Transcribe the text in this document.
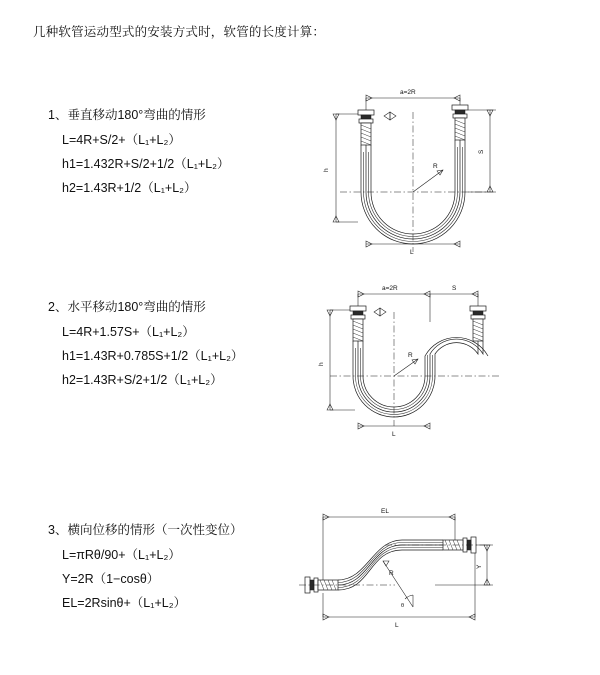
几种软管运动型式的安装方式时，软管的长度计算：
1、垂直移动180°弯曲的情形
L=4R+S/2+（L₁+L₂）
h1=1.432R+S/2+1/2（L₁+L₂）
h2=1.43R+1/2（L₁+L₂）
a=2R
R
L
h
S
2、水平移动180°弯曲的情形
L=4R+1.57S+（L₁+L₂）
h1=1.43R+0.785S+1/2（L₁+L₂）
h2=1.43R+S/2+1/2（L₁+L₂）
a=2R	S
R
h
L
3、横向位移的情形（一次性变位）
L=πRθ/90+（L₁+L₂）
Y=2R（1−cosθ）
EL=2Rsinθ+（L₁+L₂）
EL
R
θ
Y
L
